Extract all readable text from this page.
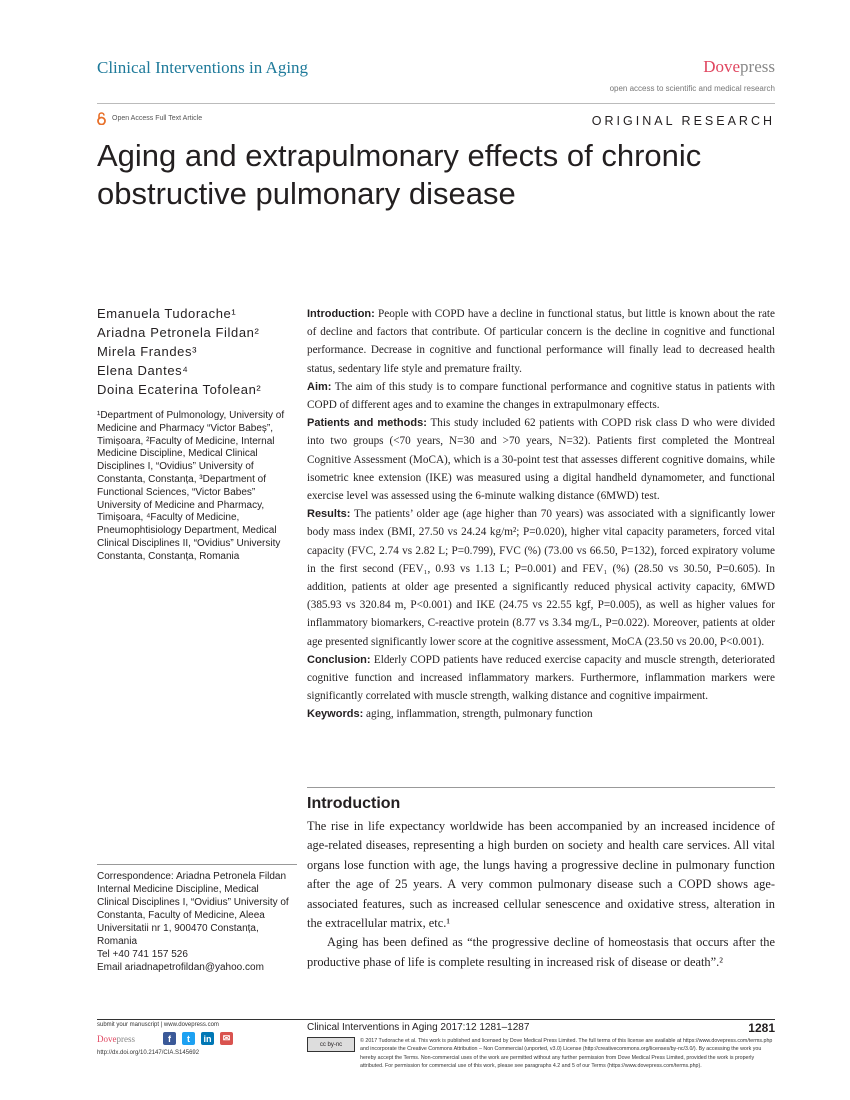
Clinical Interventions in Aging	Dovepress
open access to scientific and medical research
Open Access Full Text Article	ORIGINAL RESEARCH
Aging and extrapulmonary effects of chronic obstructive pulmonary disease
Emanuela Tudorache¹
Ariadna Petronela Fildan²
Mirela Frandes³
Elena Dantes⁴
Doina Ecaterina Tofolean²
¹Department of Pulmonology, University of Medicine and Pharmacy “Victor Babeș”, Timișoara, ²Faculty of Medicine, Internal Medicine Discipline, Medical Clinical Disciplines I, “Ovidius” University of Constanta, Constanța, ³Department of Functional Sciences, “Victor Babes” University of Medicine and Pharmacy, Timișoara, ⁴Faculty of Medicine, Pneumophtisiology Department, Medical Clinical Disciplines II, “Ovidius” University Constanta, Constanța, Romania
Correspondence: Ariadna Petronela Fildan
Internal Medicine Discipline, Medical Clinical Disciplines I, “Ovidius” University of Constanta, Faculty of Medicine, Aleea Universitatii nr 1, 900470 Constanța, Romania
Tel +40 741 157 526
Email ariadnapetrofildan@yahoo.com

Introduction: People with COPD have a decline in functional status, but little is known about the rate of decline and factors that contribute. Of particular concern is the decline in cognitive and functional performance. Decrease in cognitive and functional performance will finally lead to decreased health status, sedentary life style and premature frailty.

Aim: The aim of this study is to compare functional performance and cognitive status in patients with COPD of different ages and to examine the changes in extrapulmonary effects.

Patients and methods: This study included 62 patients with COPD risk class D who were divided into two groups (<70 years, N=30 and >70 years, N=32). Patients first completed the Montreal Cognitive Assessment (MoCA), which is a 30-point test that assesses different cognitive domains, while isometric knee extension (IKE) was measured using a digital handheld dynamometer, and functional exercise level was assessed using the 6-minute walking distance (6MWD) test.

Results: The patients’ older age (age higher than 70 years) was associated with a significantly lower body mass index (BMI, 27.50 vs 24.24 kg/m²; P=0.020), higher vital capacity parameters, forced vital capacity (FVC, 2.74 vs 2.82 L; P=0.799), FVC (%) (73.00 vs 66.50, P=132), forced expiratory volume in the first second (FEV₁, 0.93 vs 1.13 L; P=0.001) and FEV₁ (%) (28.50 vs 30.50, P=0.605). In addition, patients at older age presented a significantly reduced physical activity capacity, 6MWD (385.93 vs 320.84 m, P<0.001) and IKE (24.75 vs 22.55 kgf, P=0.005), as well as higher values for inflammatory biomarkers, C-reactive protein (8.77 vs 3.34 mg/L, P=0.022). Moreover, patients at older age presented significantly lower score at the cognitive assessment, MoCA (23.50 vs 20.00, P<0.001).

Conclusion: Elderly COPD patients have reduced exercise capacity and muscle strength, deteriorated cognitive function and increased inflammatory markers. Furthermore, inflammation markers were significantly correlated with muscle strength, walking distance and cognitive impairment.

Keywords: aging, inflammation, strength, pulmonary function

Introduction

The rise in life expectancy worldwide has been accompanied by an increased incidence of age-related diseases, representing a high burden on society and health care services. All vital organs lose function with age, the lungs having a progressive decline in pulmonary function after the age of 25 years. A very common pulmonary disease such a COPD shows age-associated features, such as increased cellular senescence and oxidative stress, alteration in the extracellular matrix, etc.¹

Aging has been defined as “the progressive decline of homeostasis that occurs after the productive phase of life is complete resulting in increased risk of disease or death”.²

submit your manuscript | www.dovepress.com
Dovepress	f	t	in	✉
http://dx.doi.org/10.2147/CIA.S145692
Clinical Interventions in Aging 2017:12 1281–1287	1281
cc by-nc
© 2017 Tudorache et al. This work is published and licensed by Dove Medical Press Limited. The full terms of this license are available at https://www.dovepress.com/terms.php and incorporate the Creative Commons Attribution – Non Commercial (unported, v3.0) License (http://creativecommons.org/licenses/by-nc/3.0/). By accessing the work you hereby accept the Terms. Non-commercial uses of the work are permitted without any further permission from Dove Medical Press Limited, provided the work is properly attributed. For permission for commercial use of this work, please see paragraphs 4.2 and 5 of our Terms (https://www.dovepress.com/terms.php).
